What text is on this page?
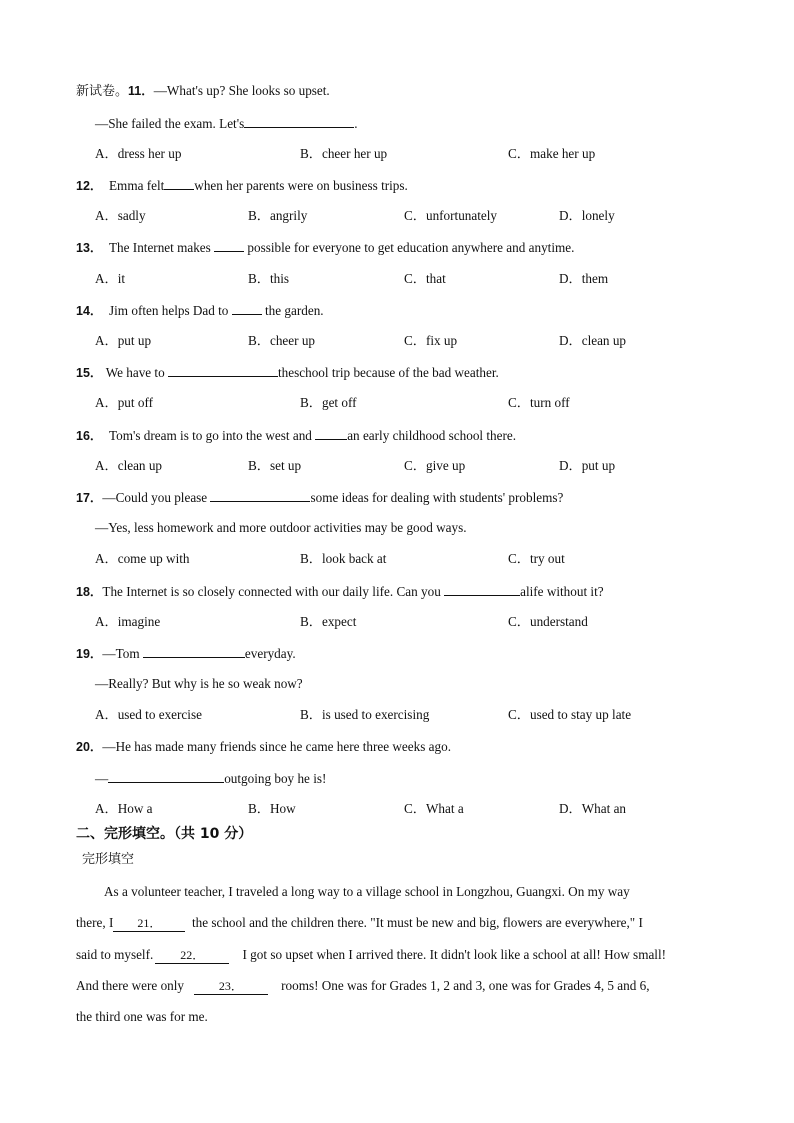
新试卷。11．—What's up? She looks so upset.
—She failed the exam. Let's	.
A．dress her up	B．cheer her up	C．make her up
12． Emma felt when her parents were on business trips.
A．sadly	B．angrily	C．unfortunately	D．lonely
13． The Internet makes	possible for everyone to get education anywhere and anytime.
A．it	B．this	C．that	D．them
14． Jim often helps Dad to	the garden.
A．put up	B．cheer up	C．fix up	D．clean up
15． We have to	theschool trip because of the bad weather.
A．put off	B．get off	C．turn off
16． Tom's dream is to go into the west and	an early childhood school there.
A．clean up	B．set up	C．give up	D．put up
17．—Could you please	some ideas for dealing with students' problems?
—Yes, less homework and more outdoor activities may be good ways.
A．come up with	B．look back at	C．try out
18．The Internet is so closely connected with our daily life. Can you	alife without it?
A．imagine	B．expect	C．understand
19．—Tom	everyday.
—Really? But why is he so weak now?
A．used to exercise	B．is used to exercising	C．used to stay up late
20．—He has made many friends since he came here three weeks ago.
—	outgoing boy he is!
A．How a	B．How	C．What a	D．What an
二、完形填空。（共 10 分）
完形填空
As a volunteer teacher, I traveled a long way to a village school in Longzhou, Guangxi. On my way
there, I 21． the school and the children there. "It must be new and big, flowers are everywhere," I
said to myself. 22．	I got so upset when I arrived there. It didn't look like a school at all! How small!
And there were only	23．	rooms! One was for Grades 1, 2 and 3, one was for Grades 4, 5 and 6,
the third one was for me.
